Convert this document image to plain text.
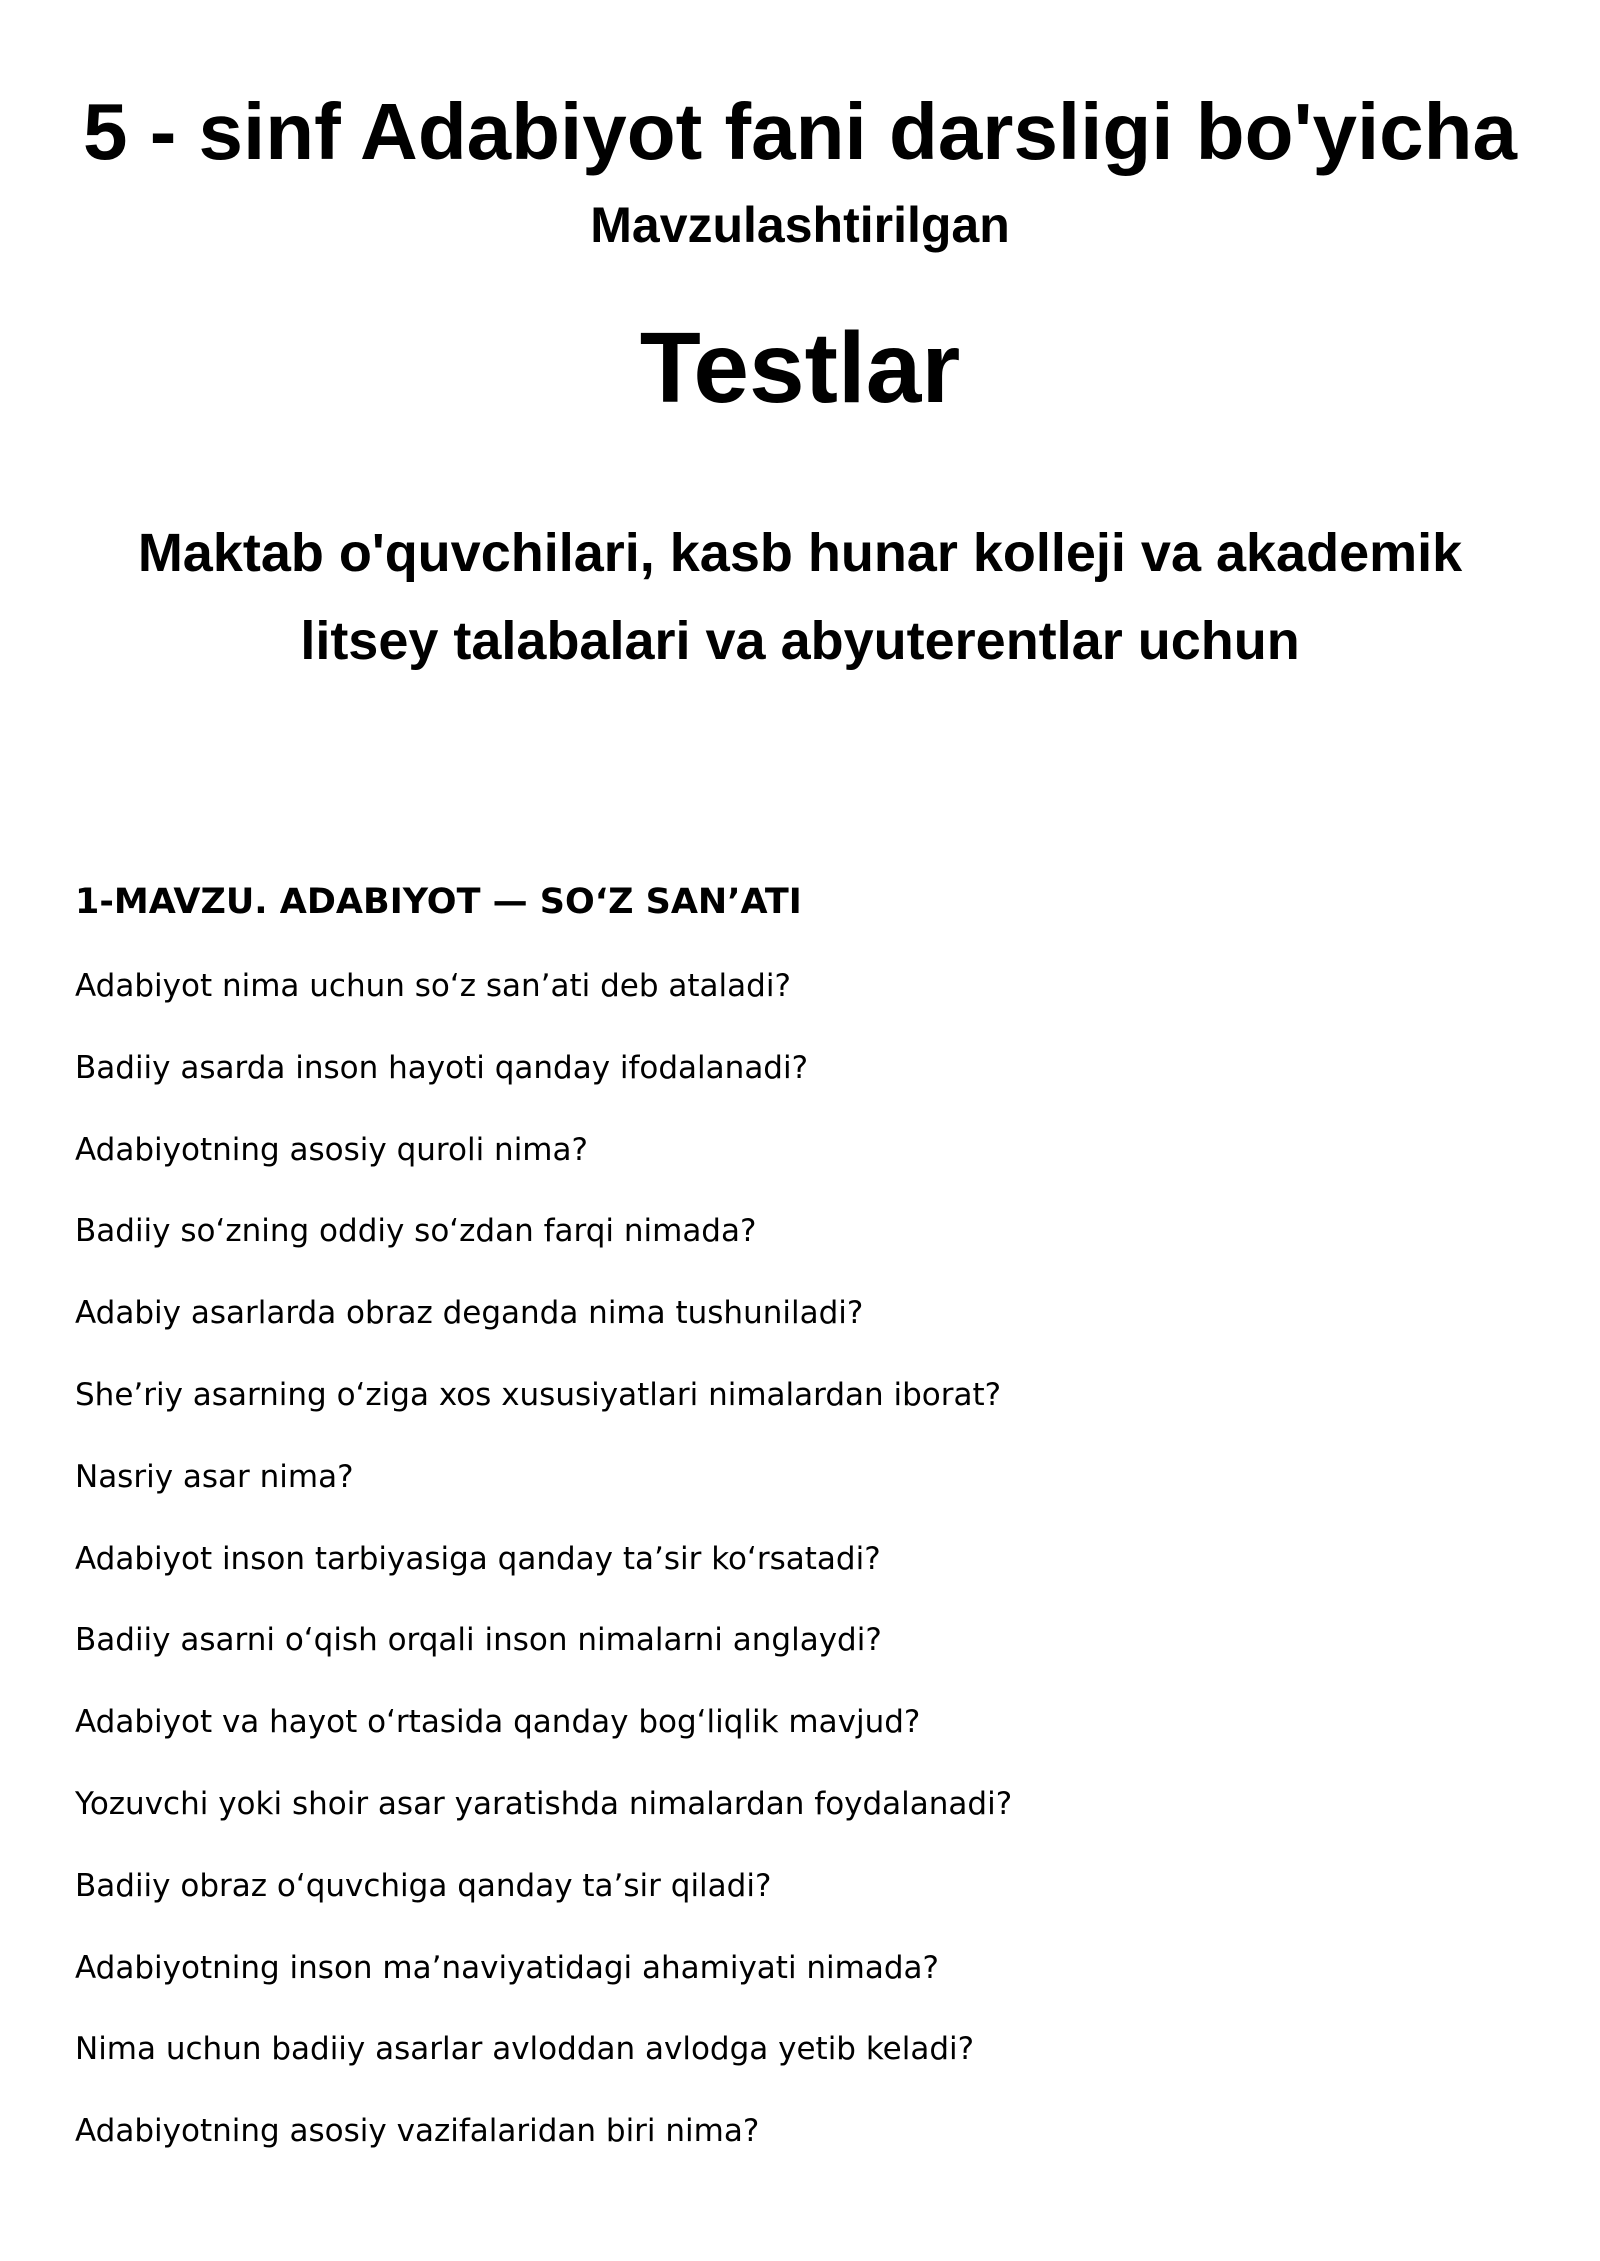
5 - sinf Adabiyot fani darsligi bo'yicha
Mavzulashtirilgan
Testlar
Maktab o'quvchilari, kasb hunar kolleji va akademik
litsey talabalari va abyuterentlar uchun
1-MAVZU. ADABIYOT — SOʻZ SANʼATI
Adabiyot nima uchun soʻz sanʼati deb ataladi?
Badiiy asarda inson hayoti qanday ifodalanadi?
Adabiyotning asosiy quroli nima?
Badiiy soʻzning oddiy soʻzdan farqi nimada?
Adabiy asarlarda obraz deganda nima tushuniladi?
Sheʼriy asarning oʻziga xos xususiyatlari nimalardan iborat?
Nasriy asar nima?
Adabiyot inson tarbiyasiga qanday taʼsir koʻrsatadi?
Badiiy asarni oʻqish orqali inson nimalarni anglaydi?
Adabiyot va hayot oʻrtasida qanday bogʻliqlik mavjud?
Yozuvchi yoki shoir asar yaratishda nimalardan foydalanadi?
Badiiy obraz oʻquvchiga qanday taʼsir qiladi?
Adabiyotning inson maʼnaviyatidagi ahamiyati nimada?
Nima uchun badiiy asarlar avloddan avlodga yetib keladi?
Adabiyotning asosiy vazifalaridan biri nima?
